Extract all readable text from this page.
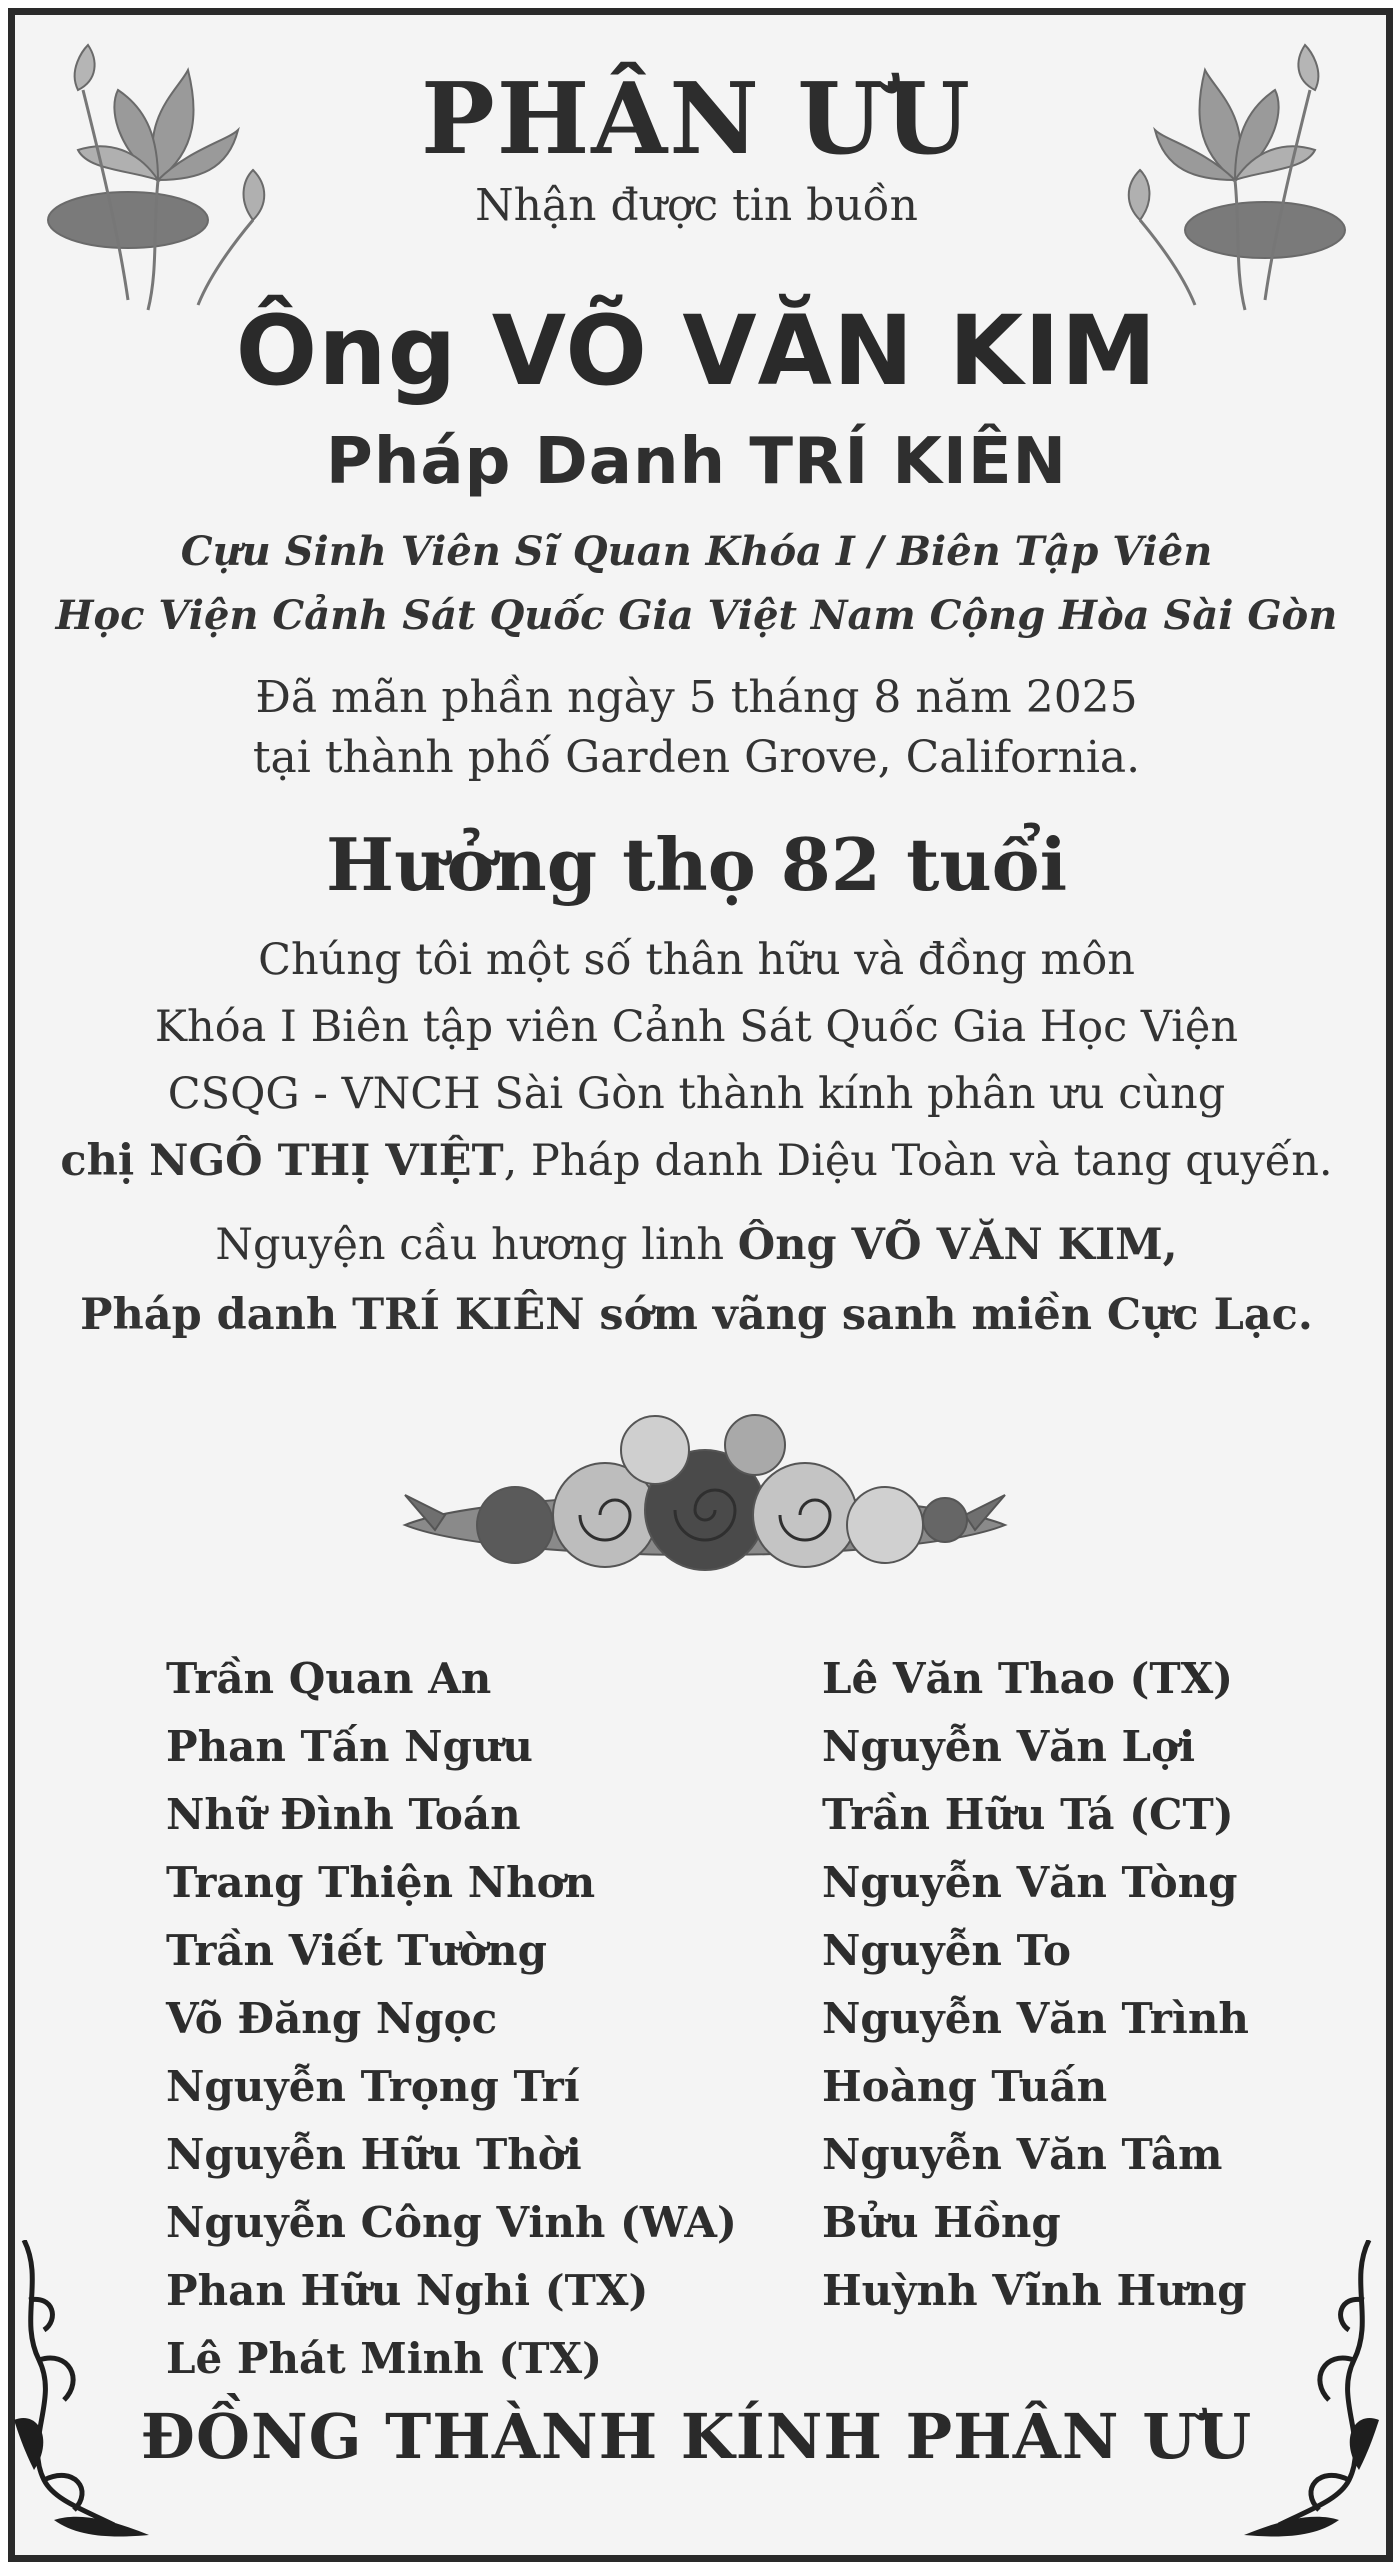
PHÂN ƯU
Nhận được tin buồn
Ông VÕ VĂN KIM
Pháp Danh TRÍ KIÊN
Cựu Sinh Viên Sĩ Quan Khóa I / Biên Tập Viên
Học Viện Cảnh Sát Quốc Gia Việt Nam Cộng Hòa Sài Gòn
Đã mãn phần ngày 5 tháng 8 năm 2025
tại thành phố Garden Grove, California.
Hưởng thọ 82 tuổi
Chúng tôi một số thân hữu và đồng môn
Khóa I Biên tập viên Cảnh Sát Quốc Gia Học Viện
CSQG - VNCH Sài Gòn thành kính phân ưu cùng
chị NGÔ THỊ VIỆT, Pháp danh Diệu Toàn và tang quyến.
Nguyện cầu hương linh Ông VÕ VĂN KIM,
Pháp danh TRÍ KIÊN sớm vãng sanh miền Cực Lạc.
Trần Quan An
Phan Tấn Ngưu
Nhữ Đình Toán
Trang Thiện Nhơn
Trần Viết Tường
Võ Đăng Ngọc
Nguyễn Trọng Trí
Nguyễn Hữu Thời
Nguyễn Công Vinh (WA)
Phan Hữu Nghi (TX)
Lê Phát Minh (TX)
Lê Văn Thao (TX)
Nguyễn Văn Lợi
Trần Hữu Tá (CT)
Nguyễn Văn Tòng
Nguyễn To
Nguyễn Văn Trình
Hoàng Tuấn
Nguyễn Văn Tâm
Bửu Hồng
Huỳnh Vĩnh Hưng
ĐỒNG THÀNH KÍNH PHÂN ƯU
